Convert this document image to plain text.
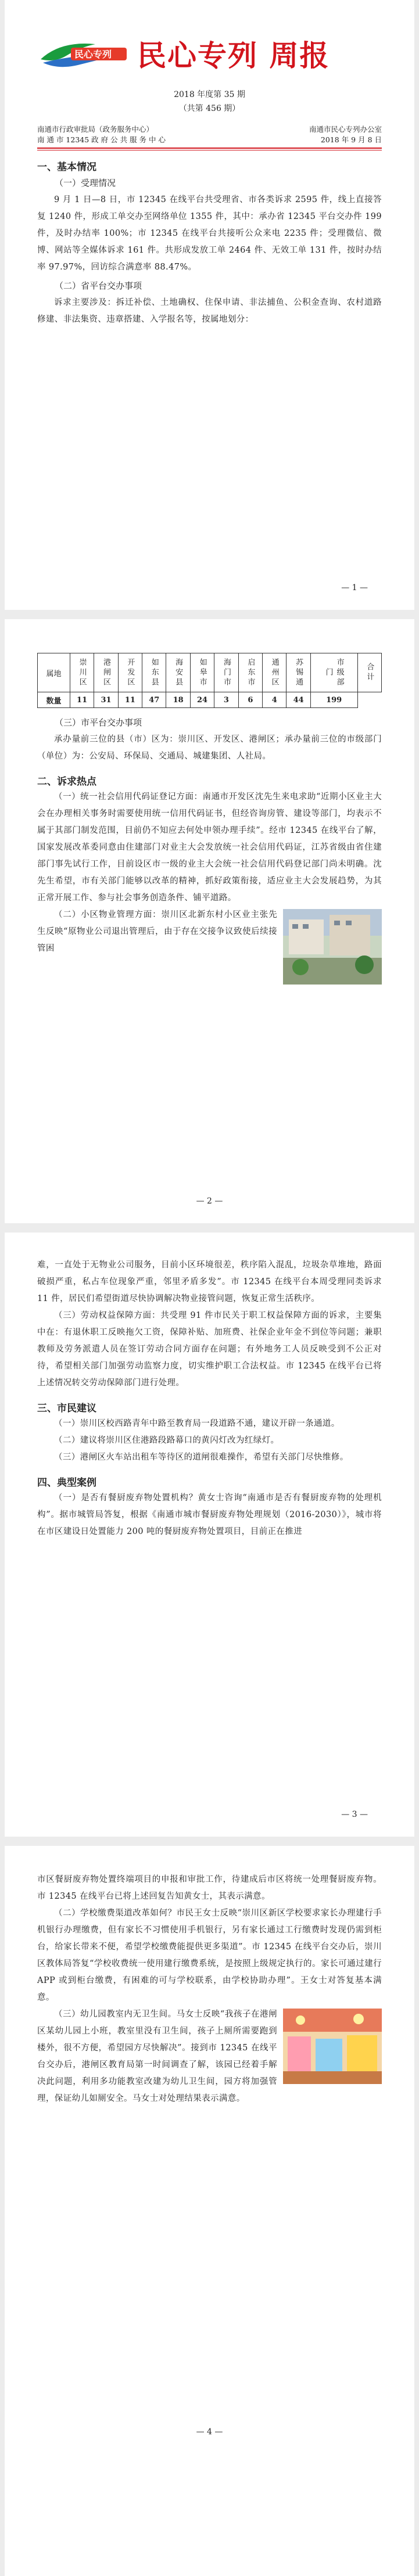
民心专列 民心专列 周报
2018 年度第 35 期
（共第 456 期）
南通市行政审批局（政务服务中心）	南通市民心专列办公室
南 通 市 12345 政 府 公 共 服 务 中 心	2018 年 9 月 8 日
一、基本情况
（一）受理情况

9 月 1 日—8 日，市 12345 在线平台共受理省、市各类诉求 2595 件，线上直接答复 1240 件，形成工单交办至网络单位 1355 件，其中：承办省 12345 平台交办件 199 件，及时办结率 100%；市 12345 在线平台共接听公众来电 2235 件；受理微信、微博、网站等全媒体诉求 161 件。共形成发放工单 2464 件、无效工单 131 件，按时办结率 97.97%，回访综合满意率 88.47%。

（二）省平台交办事项

诉求主要涉及：拆迁补偿、土地确权、住保申请、非法捕鱼、公积金查询、农村道路修建、非法集资、违章搭建、入学报名等，按属地划分：

— 1 —
属地	崇川区	港闸区	开发区	如东县	海安县	如皋市	海门市	启东市	通州区	苏锡通	市级部门	合计
数量	11	31	11	47	18	24	3	6	4	44	199	
（三）市平台交办事项

承办量前三位的县（市）区为：崇川区、开发区、港闸区；承办量前三位的市级部门（单位）为：公安局、环保局、交通局、城建集团、人社局。

二、诉求热点

（一）统一社会信用代码证登记方面：南通市开发区沈先生来电求助“近期小区业主大会在办理相关事务时需要使用统一信用代码证书，但经咨询房管、建设等部门，均表示不属于其部门制发范围，目前仍不知应去何处申领办理手续”。经市 12345 在线平台了解，国家发展改革委同意由住建部门对业主大会发放统一社会信用代码证，江苏省级由省住建部门事先试行工作，目前设区市一级的业主大会统一社会信用代码登记部门尚未明确。沈先生希望，市有关部门能够以改革的精神，抓好政策衔接，适应业主大会发展趋势，为其正常开展工作、参与社会事务创造条件、铺平道路。

（二）小区物业管理方面：崇川区北新东村小区业主张先生反映“原物业公司退出管理后，由于存在交接争议致使后续接管困

— 2 —

难，一直处于无物业公司服务，目前小区环境很差，秩序陷入混乱，垃圾杂草堆地，路面破损严重，私占车位现象严重，邻里矛盾多发”。市 12345 在线平台本周受理同类诉求 11 件，居民们希望街道尽快协调解决物业接管问题，恢复正常生活秩序。

（三）劳动权益保障方面：共受理 91 件市民关于职工权益保障方面的诉求，主要集中在：有退休职工反映拖欠工资，保障补贴、加班费、社保企业年金不到位等问题；兼职教师及劳务派遣人员在签订劳动合同方面存在问题；有外地务工人员反映受到不公正对待，希望相关部门加强劳动监察力度，切实维护职工合法权益。市 12345 在线平台已将上述情况转交劳动保障部门进行处理。

三、市民建议

（一）崇川区校西路青年中路至教育局一段道路不通，建议开辟一条通道。

（二）建议将崇川区住港路段路幕口的黄闪灯改为红绿灯。

（三）港闸区火车站出租车等待区的道闸很难操作，希望有关部门尽快维修。

四、典型案例

（一）是否有餐厨废弃物处置机构？黄女士咨询“南通市是否有餐厨废弃物的处理机构”。据市城管局答复，根据《南通市城市餐厨废弃物处理规划（2016-2030）》，城市将在市区建设日处置能力 200 吨的餐厨废弃物处置项目，目前正在推进

— 3 —

市区餐厨废弃物处置终端项目的申报和审批工作，待建成后市区将统一处理餐厨废弃物。市 12345 在线平台已将上述回复告知黄女士，其表示满意。

（二）学校缴费渠道改革如何？市民王女士反映“崇川区新区学校要求家长办理建行手机银行办理缴费，但有家长不习惯使用手机银行，另有家长通过工行缴费时发现仍需到柜台，给家长带来不便，希望学校缴费能提供更多渠道”。市 12345 在线平台交办后，崇川区教体局答复“学校收费统一使用建行缴费系统，是按照上级规定执行的。家长可通过建行 APP 或到柜台缴费，有困难的可与学校联系，由学校协助办理”。王女士对答复基本满意。

（三）幼儿园教室内无卫生间。马女士反映“我孩子在港闸区某幼儿园上小班，教室里没有卫生间，孩子上厕所需要跑到楼外，很不方便，希望园方尽快解决”。接到市 12345 在线平台交办后，港闸区教育局第一时间调查了解，该园已经着手解决此问题，利用多功能教室改建为幼儿卫生间，园方将加强管理，保证幼儿如厕安全。马女士对处理结果表示满意。

— 4 —
